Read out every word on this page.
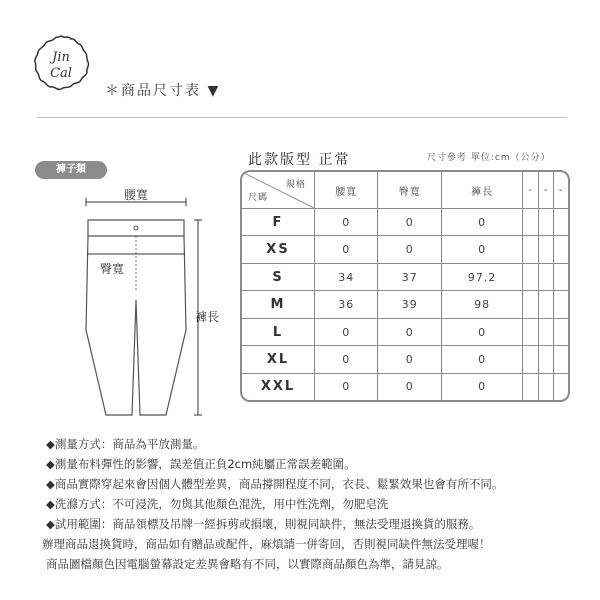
Jin
Cal
＊商品尺寸表 ▼
褲子類
腰寬
臀寬
褲長
此款版型 正常	尺寸參考 單位:cm（公分）
規格
尺碼	腰寬	臀寬	褲長	-	-	-
F	0	0	0			
XS	0	0	0			
S	34	37	97.2			
M	36	39	98			
L	0	0	0			
XL	0	0	0			
XXL	0	0	0			
◆測量方式：商品為平放測量。
◆測量布料彈性的影響，誤差值正負2cm純屬正常誤差範圍。
◆商品實際穿起來會因個人體型差異，商品撐開程度不同，衣長、鬆緊效果也會有所不同。
◆洗滌方式：不可浸洗，勿與其他顏色混洗，用中性洗劑，勿肥皂洗
◆試用範圍：商品領標及吊牌一經拆剪或損壞，則視同缺件，無法受理退換貨的服務。
辦理商品退換貨時，商品如有贈品或配件，麻煩請一併寄回，否則視同缺件無法受理喔！
商品圖檔顏色因電腦螢幕設定差異會略有不同，以實際商品顏色為準，請見諒。
